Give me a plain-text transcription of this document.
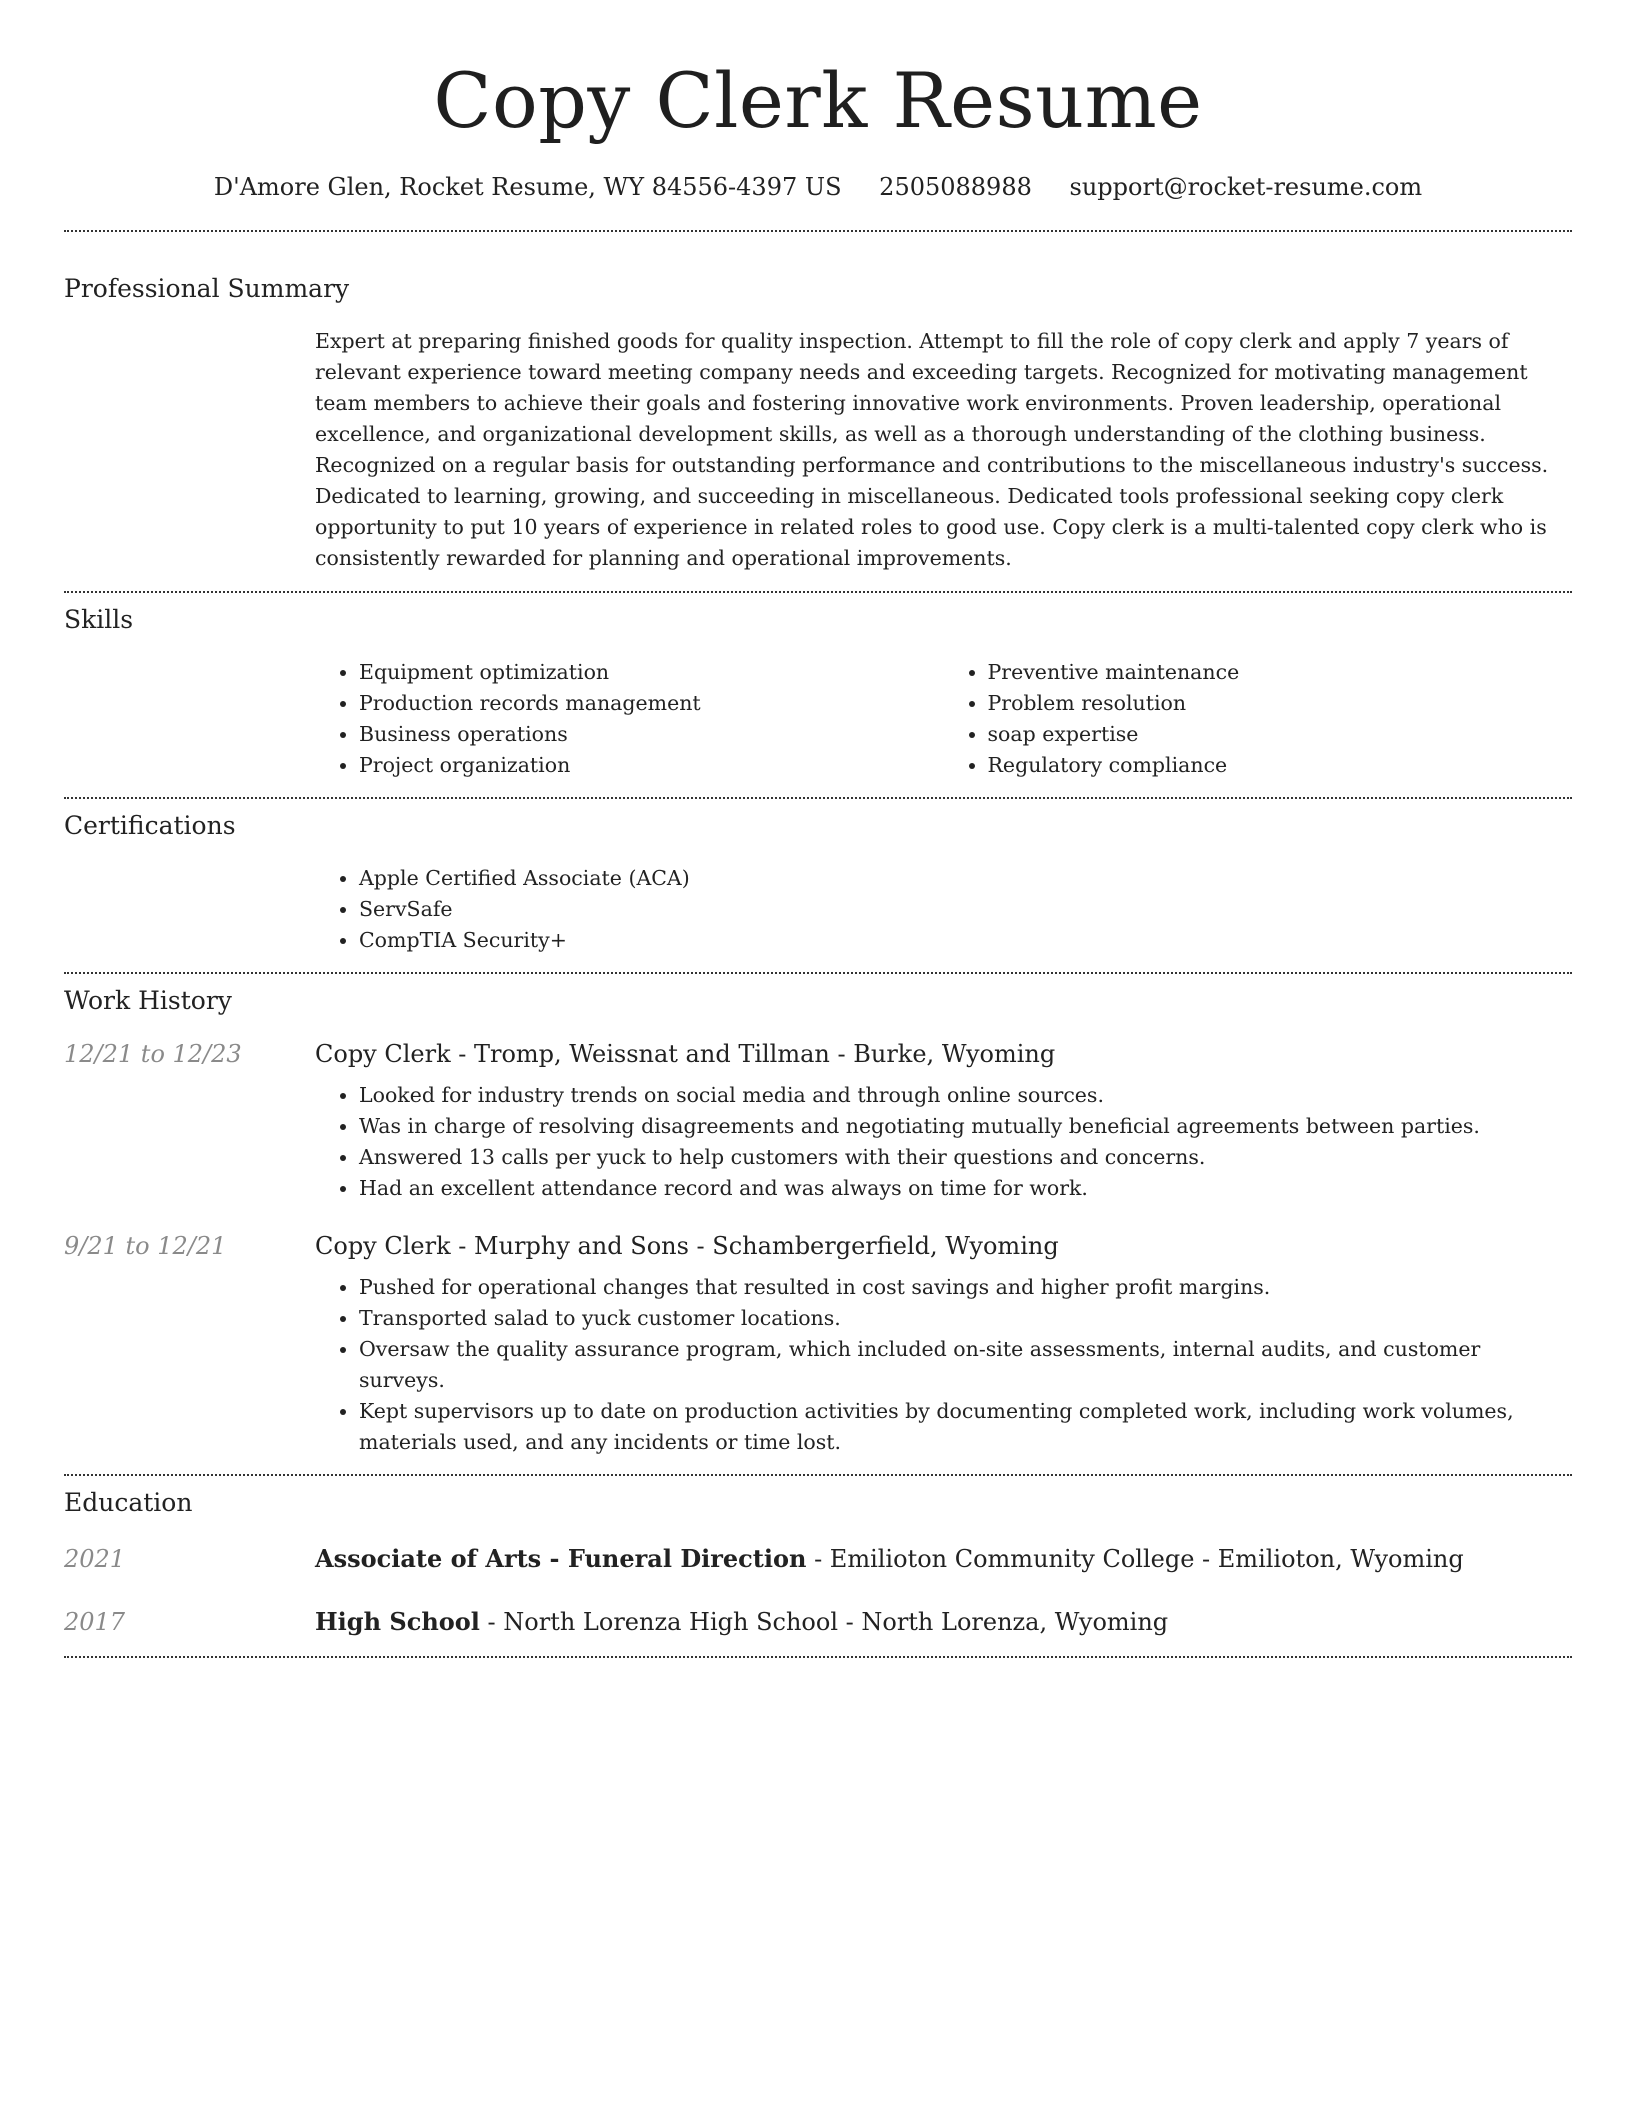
Copy Clerk Resume
D'Amore Glen, Rocket Resume, WY 84556-4397 US 2505088988 support@rocket-resume.com
Professional Summary
Expert at preparing finished goods for quality inspection. Attempt to fill the role of copy clerk and apply 7 years of relevant experience toward meeting company needs and exceeding targets. Recognized for motivating management team members to achieve their goals and fostering innovative work environments. Proven leadership, operational excellence, and organizational development skills, as well as a thorough understanding of the clothing business. Recognized on a regular basis for outstanding performance and contributions to the miscellaneous industry's success. Dedicated to learning, growing, and succeeding in miscellaneous. Dedicated tools professional seeking copy clerk opportunity to put 10 years of experience in related roles to good use. Copy clerk is a multi-talented copy clerk who is consistently rewarded for planning and operational improvements.
Skills
• Equipment optimization
• Production records management
• Business operations
• Project organization
• Preventive maintenance
• Problem resolution
• soap expertise
• Regulatory compliance
Certifications
• Apple Certified Associate (ACA)
• ServSafe
• CompTIA Security+
Work History
12/21 to 12/23	Copy Clerk - Tromp, Weissnat and Tillman - Burke, Wyoming
• Looked for industry trends on social media and through online sources.
• Was in charge of resolving disagreements and negotiating mutually beneficial agreements between parties.
• Answered 13 calls per yuck to help customers with their questions and concerns.
• Had an excellent attendance record and was always on time for work.
9/21 to 12/21	Copy Clerk - Murphy and Sons - Schambergerfield, Wyoming
• Pushed for operational changes that resulted in cost savings and higher profit margins.
• Transported salad to yuck customer locations.
• Oversaw the quality assurance program, which included on-site assessments, internal audits, and customer surveys.
• Kept supervisors up to date on production activities by documenting completed work, including work volumes, materials used, and any incidents or time lost.
Education
2021	Associate of Arts - Funeral Direction - Emilioton Community College - Emilioton, Wyoming
2017	High School - North Lorenza High School - North Lorenza, Wyoming
